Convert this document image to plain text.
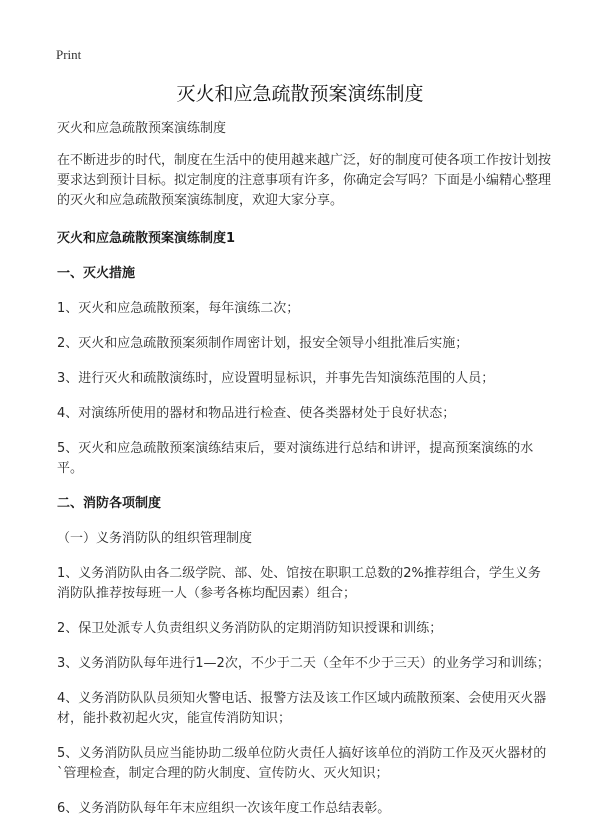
Print
灭火和应急疏散预案演练制度

灭火和应急疏散预案演练制度

在不断进步的时代，制度在生活中的使用越来越广泛，好的制度可使各项工作按计划按要求达到预计目标。拟定制度的注意事项有许多，你确定会写吗？下面是小编精心整理的灭火和应急疏散预案演练制度，欢迎大家分享。

灭火和应急疏散预案演练制度1

一、灭火措施

1、灭火和应急疏散预案，每年演练二次；

2、灭火和应急疏散预案须制作周密计划，报安全领导小组批准后实施；

3、进行灭火和疏散演练时，应设置明显标识，并事先告知演练范围的人员；

4、对演练所使用的器材和物品进行检查、使各类器材处于良好状态；

5、灭火和应急疏散预案演练结束后，要对演练进行总结和讲评，提高预案演练的水平。

二、消防各项制度

（一）义务消防队的组织管理制度

1、义务消防队由各二级学院、部、处、馆按在职职工总数的2%推荐组合，学生义务消防队推荐按每班一人（参考各栋均配因素）组合；

2、保卫处派专人负责组织义务消防队的定期消防知识授课和训练；

3、义务消防队每年进行1—2次，不少于二天（全年不少于三天）的业务学习和训练；

4、义务消防队队员须知火警电话、报警方法及该工作区域内疏散预案、会使用灭火器材，能扑救初起火灾，能宣传消防知识；

5、义务消防队员应当能协助二级单位防火责任人搞好该单位的消防工作及灭火器材的`管理检查，制定合理的防火制度、宣传防火、灭火知识；

6、义务消防队每年年末应组织一次该年度工作总结表彰。
